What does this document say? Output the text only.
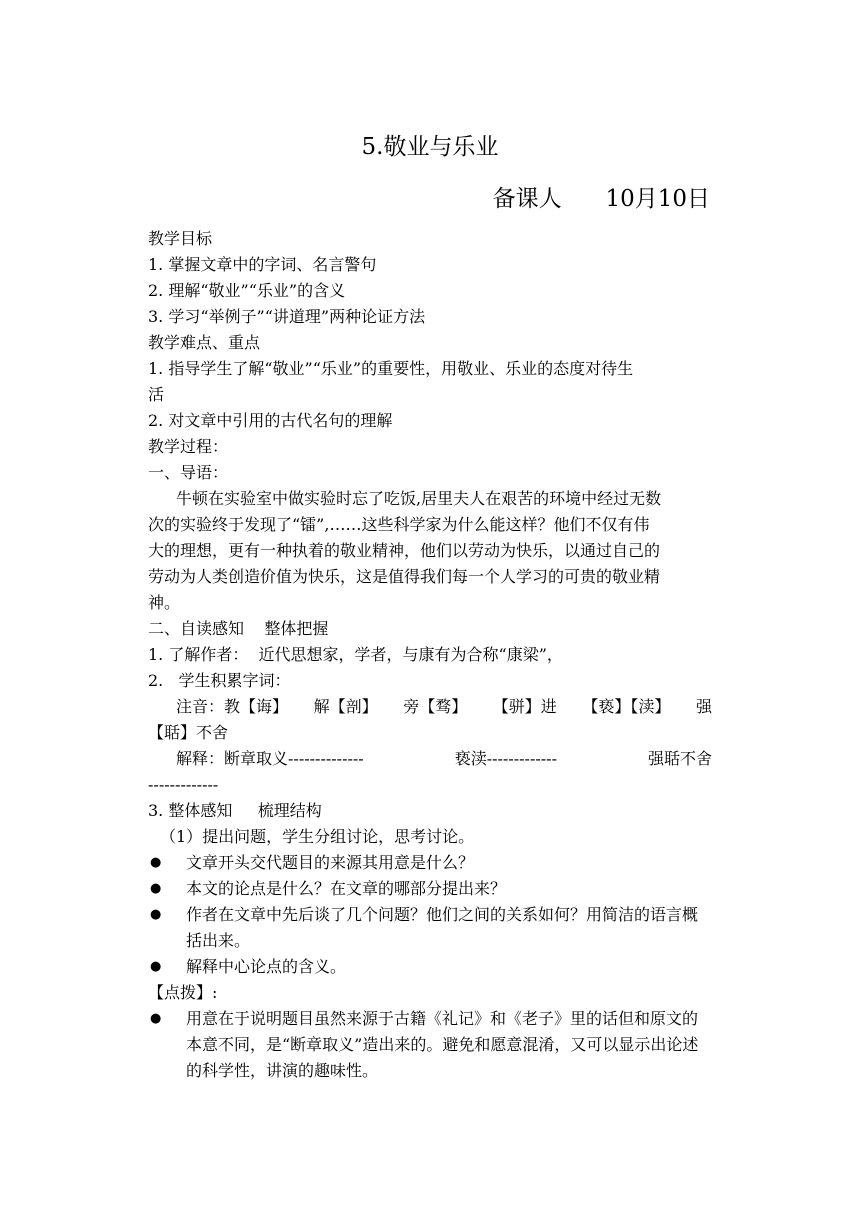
5.敬业与乐业
备课人      10月10日
教学目标
1. 掌握文章中的字词、名言警句
2. 理解“敬业”“乐业”的含义
3. 学习“举例子”“讲道理”两种论证方法
教学难点、重点
1. 指导学生了解“敬业”“乐业”的重要性，用敬业、乐业的态度对待生
活
2. 对文章中引用的古代名句的理解
教学过程：
一、导语：
牛顿在实验室中做实验时忘了吃饭,居里夫人在艰苦的环境中经过无数
次的实验终于发现了“镭”,……这些科学家为什么能这样？他们不仅有伟
大的理想，更有一种执着的敬业精神，他们以劳动为快乐，以通过自己的
劳动为人类创造价值为快乐，这是值得我们每一个人学习的可贵的敬业精
神。
二、自读感知    整体把握
1. 了解作者：  近代思想家，学者，与康有为合称“康梁”，
2.   学生积累字词：
注音：教【诲】 解【剖】 旁【骛】 【骈】进 【亵】【渎】 强
【聒】不舍
解释：断章取义--------------	亵渎-------------	强聒不舍
-------------
3. 整体感知     梳理结构
（1）提出问题，学生分组讨论，思考讨论。
● 文章开头交代题目的来源其用意是什么？
● 本文的论点是什么？在文章的哪部分提出来？
● 作者在文章中先后谈了几个问题？他们之间的关系如何？用简洁的语言概括出来。
● 解释中心论点的含义。
【点拨】:
● 用意在于说明题目虽然来源于古籍《礼记》和《老子》里的话但和原文的本意不同，是“断章取义”造出来的。避免和愿意混淆，又可以显示出论述的科学性，讲演的趣味性。
